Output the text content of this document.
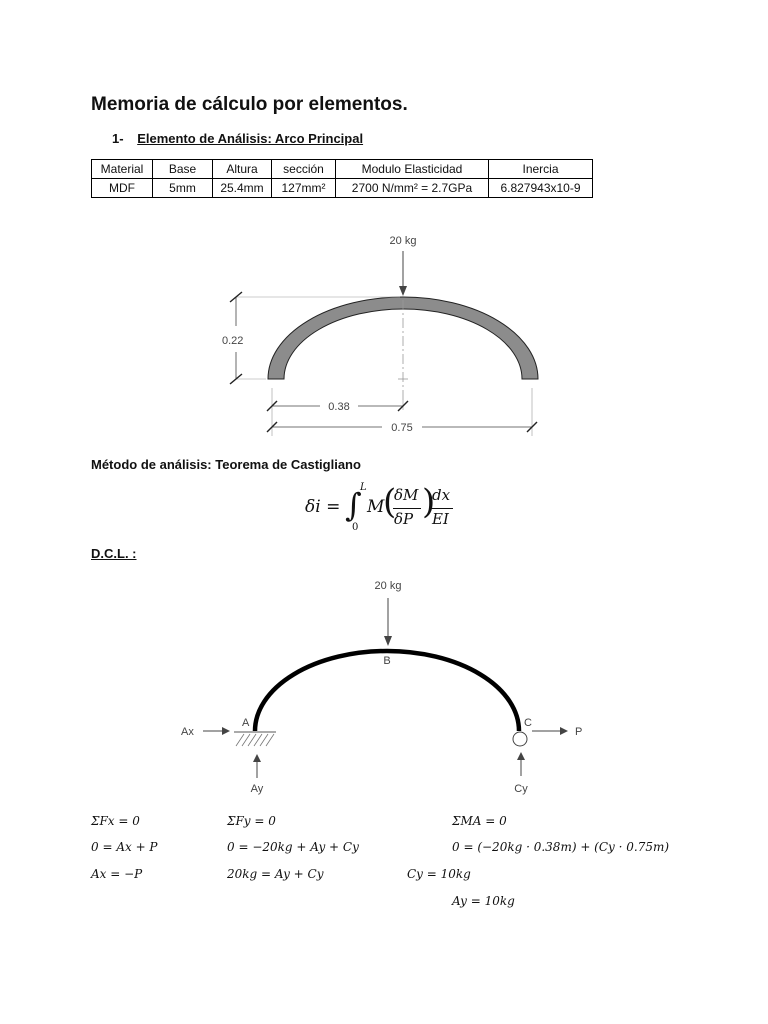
Memoria de cálculo por elementos.
1- Elemento de Análisis: Arco Principal
Material	Base	Altura	sección	Modulo Elasticidad	Inercia
MDF	5mm	25.4mm	127mm²	2700 N/mm² = 2.7GPa	6.827943x10-9
20 kg
0.22
0.38
0.75
Método de análisis: Teorema de Castigliano
δi = ∫
L
0
M
(
δM
δP )
dx
EI
D.C.L. :
20 kg
B
A	C
Ax
Ay
P
Cy
ΣFx = 0
0 = Ax + P
Ax = −P
ΣFy = 0
0 = −20kg + Ay + Cy
20kg = Ay + Cy	Cy = 10kg
ΣMA = 0
0 = (−20kg · 0.38m) + (Cy · 0.75m)
Ay = 10kg
